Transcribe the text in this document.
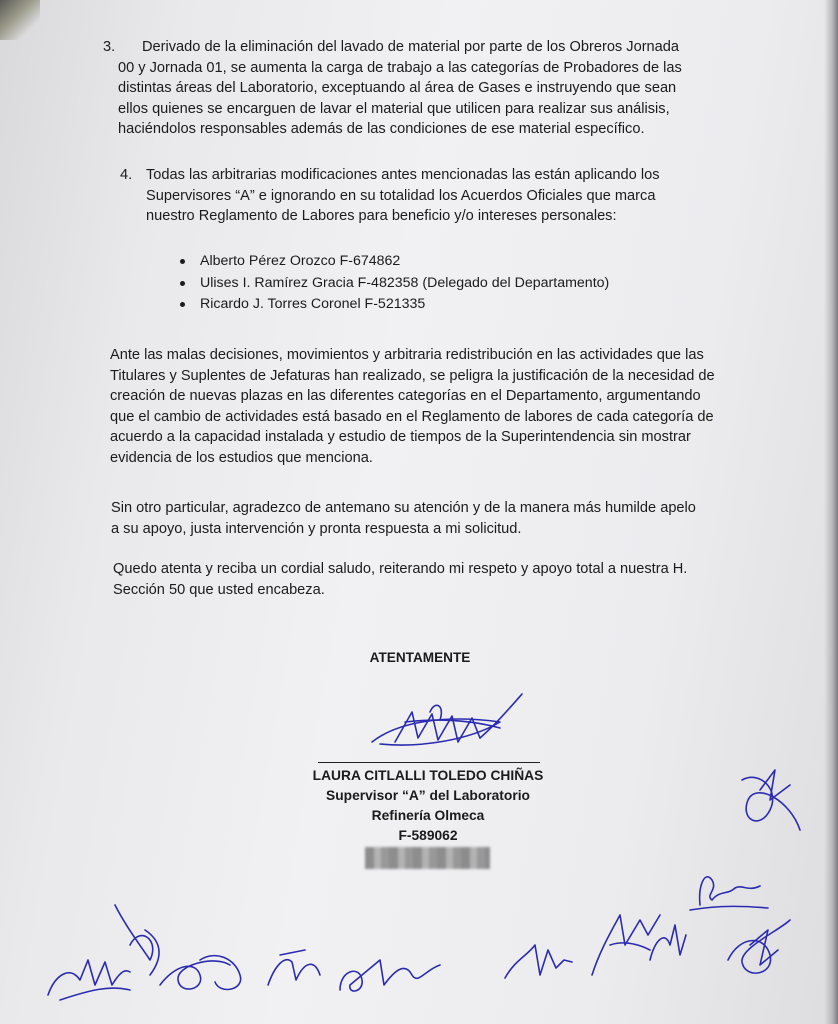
3.	Derivado de la eliminación del lavado de material por parte de los Obreros Jornada
00 y Jornada 01, se aumenta la carga de trabajo a las categorías de Probadores de las
distintas áreas del Laboratorio, exceptuando al área de Gases e instruyendo que sean
ellos quienes se encarguen de lavar el material que utilicen para realizar sus análisis,
haciéndolos responsables además de las condiciones de ese material específico.
4. Todas las arbitrarias modificaciones antes mencionadas las están aplicando los
Supervisores “A” e ignorando en su totalidad los Acuerdos Oficiales que marca
nuestro Reglamento de Labores para beneficio y/o intereses personales:
Alberto Pérez Orozco F-674862
Ulises I. Ramírez Gracia F-482358 (Delegado del Departamento)
Ricardo J. Torres Coronel F-521335
Ante las malas decisiones, movimientos y arbitraria redistribución en las actividades que las
Titulares y Suplentes de Jefaturas han realizado, se peligra la justificación de la necesidad de
creación de nuevas plazas en las diferentes categorías en el Departamento, argumentando
que el cambio de actividades está basado en el Reglamento de labores de cada categoría de
acuerdo a la capacidad instalada y estudio de tiempos de la Superintendencia sin mostrar
evidencia de los estudios que menciona.
Sin otro particular, agradezco de antemano su atención y de la manera más humilde apelo
a su apoyo, justa intervención y pronta respuesta a mi solicitud.
Quedo atenta y reciba un cordial saludo, reiterando mi respeto y apoyo total a nuestra H.
Sección 50 que usted encabeza.
ATENTAMENTE
LAURA CITLALLI TOLEDO CHIÑAS
Supervisor “A” del Laboratorio
Refinería Olmeca
F-589062
